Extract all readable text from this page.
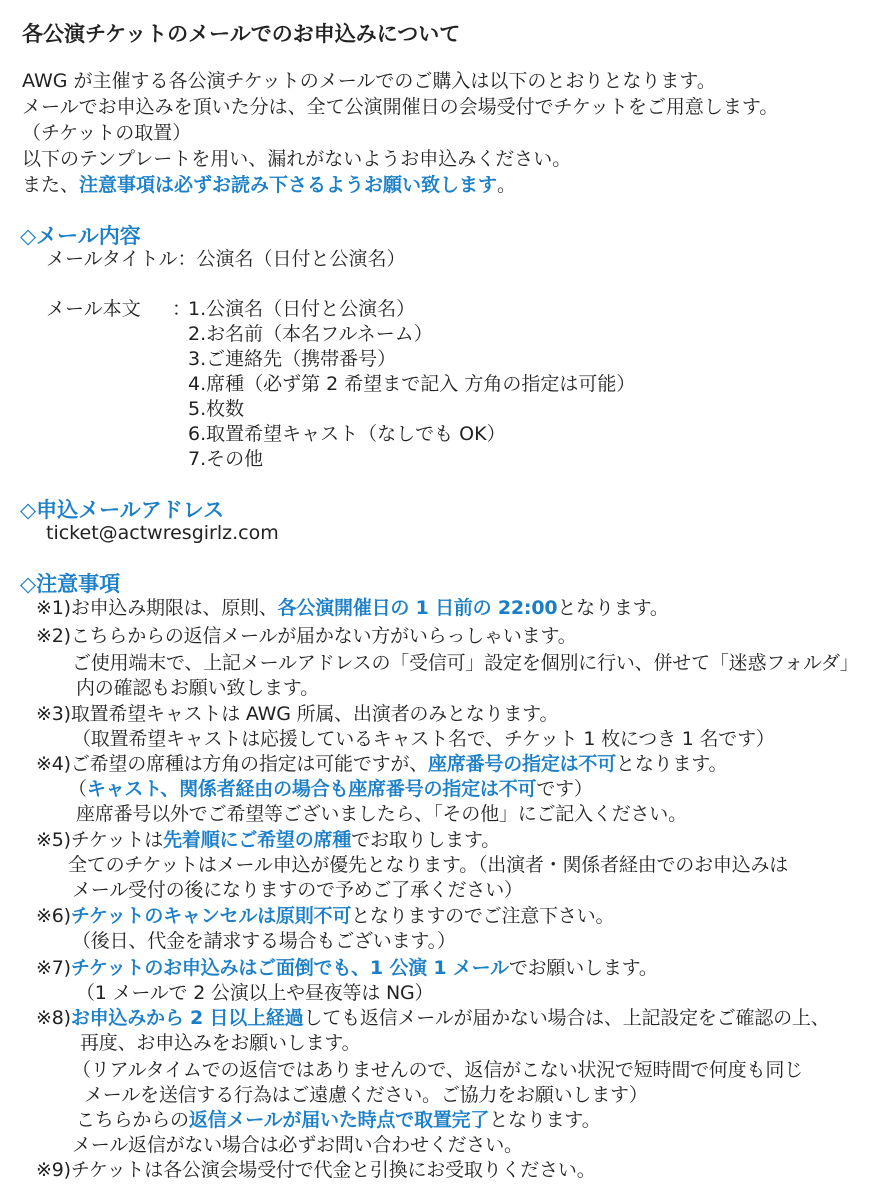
各公演チケットのメールでのお申込みについて
AWG が主催する各公演チケットのメールでのご購入は以下のとおりとなります。
メールでお申込みを頂いた分は、全て公演開催日の会場受付でチケットをご用意します。
（チケットの取置）
以下のテンプレートを用い、漏れがないようお申込みください。
また、注意事項は必ずお読み下さるようお願い致します。
◇メール内容
メールタイトル：公演名（日付と公演名）
メール本文 ：
1.公演名（日付と公演名）
2.お名前（本名フルネーム）
3.ご連絡先（携帯番号）
4.席種（必ず第 2 希望まで記入 方角の指定は可能）
5.枚数
6.取置希望キャスト（なしでも OK）
7.その他
◇申込メールアドレス
ticket@actwresgirlz.com
◇注意事項
※1)お申込み期限は、原則、各公演開催日の 1 日前の 22:00となります。
※2)こちらからの返信メールが届かない方がいらっしゃいます。
ご使用端末で、上記メールアドレスの「受信可」設定を個別に行い、併せて「迷惑フォルダ」
内の確認もお願い致します。
※3)取置希望キャストは AWG 所属、出演者のみとなります。
（取置希望キャストは応援しているキャスト名で、チケット 1 枚につき 1 名です）
※4)ご希望の席種は方角の指定は可能ですが、座席番号の指定は不可となります。
（キャスト、関係者経由の場合も座席番号の指定は不可です）
座席番号以外でご希望等ございましたら、「その他」にご記入ください。
※5)チケットは先着順にご希望の席種でお取りします。
全てのチケットはメール申込が優先となります。（出演者・関係者経由でのお申込みは
メール受付の後になりますので予めご了承ください）
※6)チケットのキャンセルは原則不可となりますのでご注意下さい。
（後日、代金を請求する場合もございます。）
※7)チケットのお申込みはご面倒でも、1 公演 1 メールでお願いします。
（1 メールで 2 公演以上や昼夜等は NG）
※8)お申込みから 2 日以上経過しても返信メールが届かない場合は、上記設定をご確認の上、
再度、お申込みをお願いします。
（リアルタイムでの返信ではありませんので、返信がこない状況で短時間で何度も同じ
メールを送信する行為はご遠慮ください。ご協力をお願いします）
こちらからの返信メールが届いた時点で取置完了となります。
メール返信がない場合は必ずお問い合わせください。
※9)チケットは各公演会場受付で代金と引換にお受取りください。
